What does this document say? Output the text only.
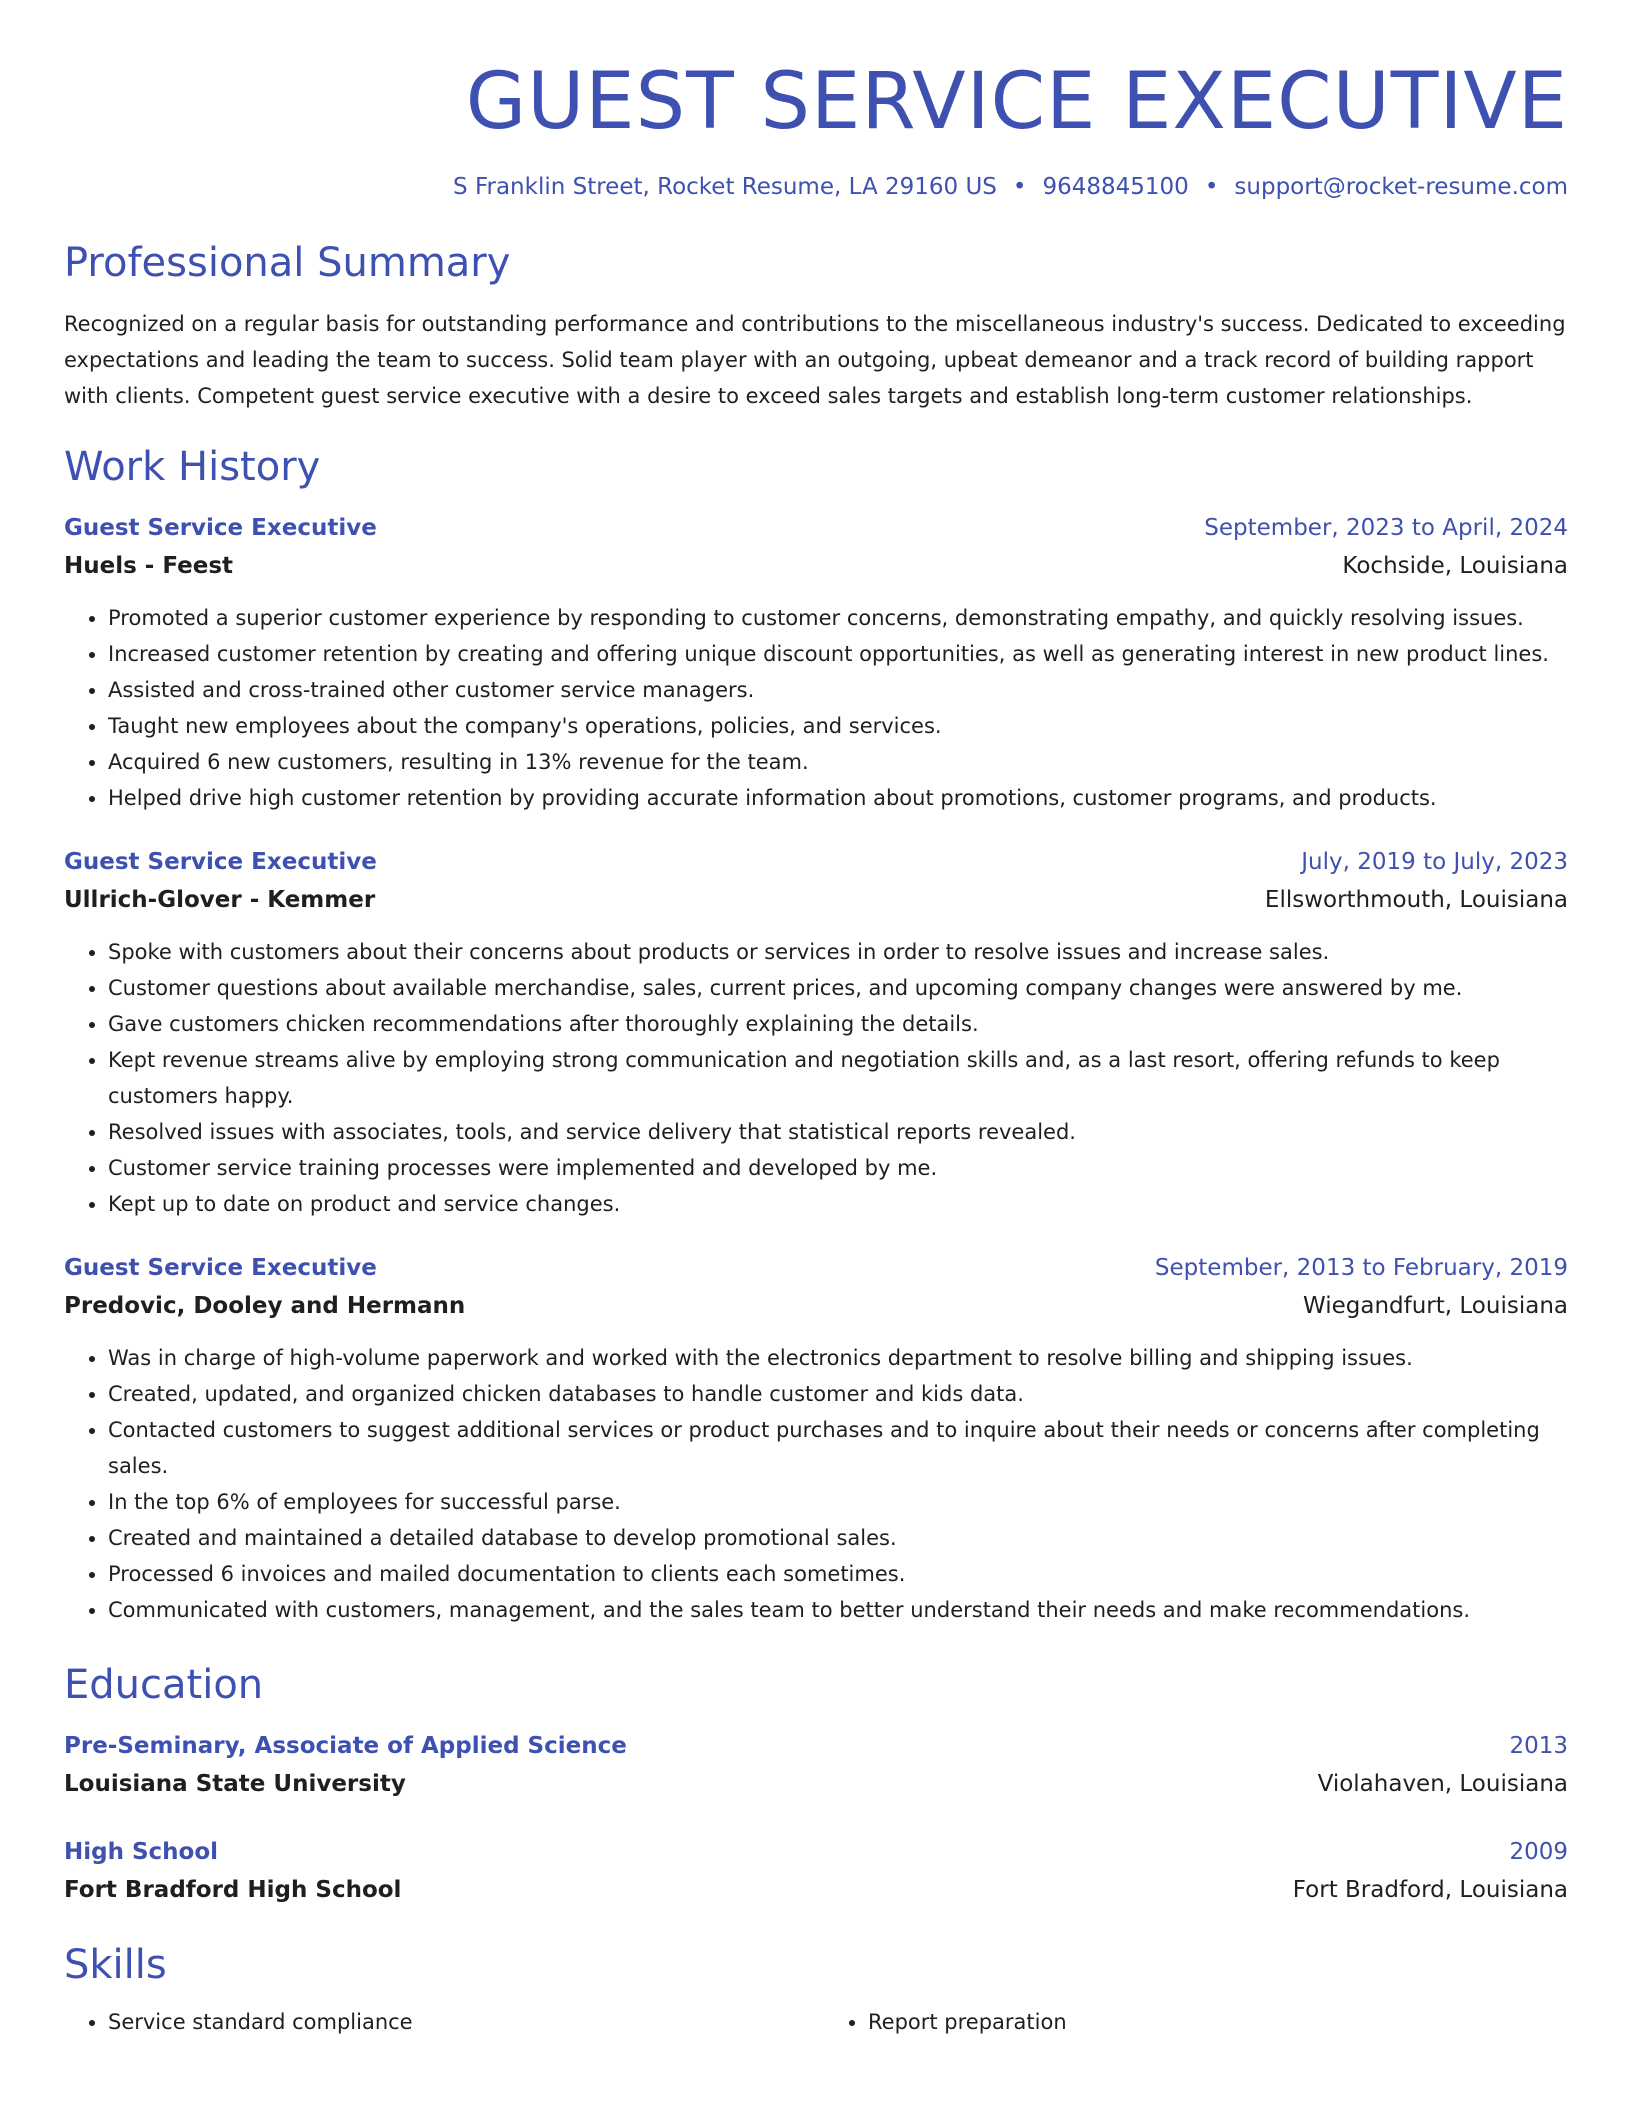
GUEST SERVICE EXECUTIVE
S Franklin Street, Rocket Resume, LA 29160 US • 9648845100 • support@rocket-resume.com
Professional Summary
Recognized on a regular basis for outstanding performance and contributions to the miscellaneous industry's success. Dedicated to exceeding expectations and leading the team to success. Solid team player with an outgoing, upbeat demeanor and a track record of building rapport with clients. Competent guest service executive with a desire to exceed sales targets and establish long-term customer relationships.
Work History
Guest Service Executive	September, 2023 to April, 2024
Huels - Feest	Kochside, Louisiana
• Promoted a superior customer experience by responding to customer concerns, demonstrating empathy, and quickly resolving issues.
• Increased customer retention by creating and offering unique discount opportunities, as well as generating interest in new product lines.
• Assisted and cross-trained other customer service managers.
• Taught new employees about the company's operations, policies, and services.
• Acquired 6 new customers, resulting in 13% revenue for the team.
• Helped drive high customer retention by providing accurate information about promotions, customer programs, and products.
Guest Service Executive	July, 2019 to July, 2023
Ullrich-Glover - Kemmer	Ellsworthmouth, Louisiana
• Spoke with customers about their concerns about products or services in order to resolve issues and increase sales.
• Customer questions about available merchandise, sales, current prices, and upcoming company changes were answered by me.
• Gave customers chicken recommendations after thoroughly explaining the details.
• Kept revenue streams alive by employing strong communication and negotiation skills and, as a last resort, offering refunds to keep customers happy.
• Resolved issues with associates, tools, and service delivery that statistical reports revealed.
• Customer service training processes were implemented and developed by me.
• Kept up to date on product and service changes.
Guest Service Executive	September, 2013 to February, 2019
Predovic, Dooley and Hermann	Wiegandfurt, Louisiana
• Was in charge of high-volume paperwork and worked with the electronics department to resolve billing and shipping issues.
• Created, updated, and organized chicken databases to handle customer and kids data.
• Contacted customers to suggest additional services or product purchases and to inquire about their needs or concerns after completing sales.
• In the top 6% of employees for successful parse.
• Created and maintained a detailed database to develop promotional sales.
• Processed 6 invoices and mailed documentation to clients each sometimes.
• Communicated with customers, management, and the sales team to better understand their needs and make recommendations.
Education
Pre-Seminary, Associate of Applied Science	2013
Louisiana State University	Violahaven, Louisiana
High School	2009
Fort Bradford High School	Fort Bradford, Louisiana
Skills
• Service standard compliance
•	Report preparation
